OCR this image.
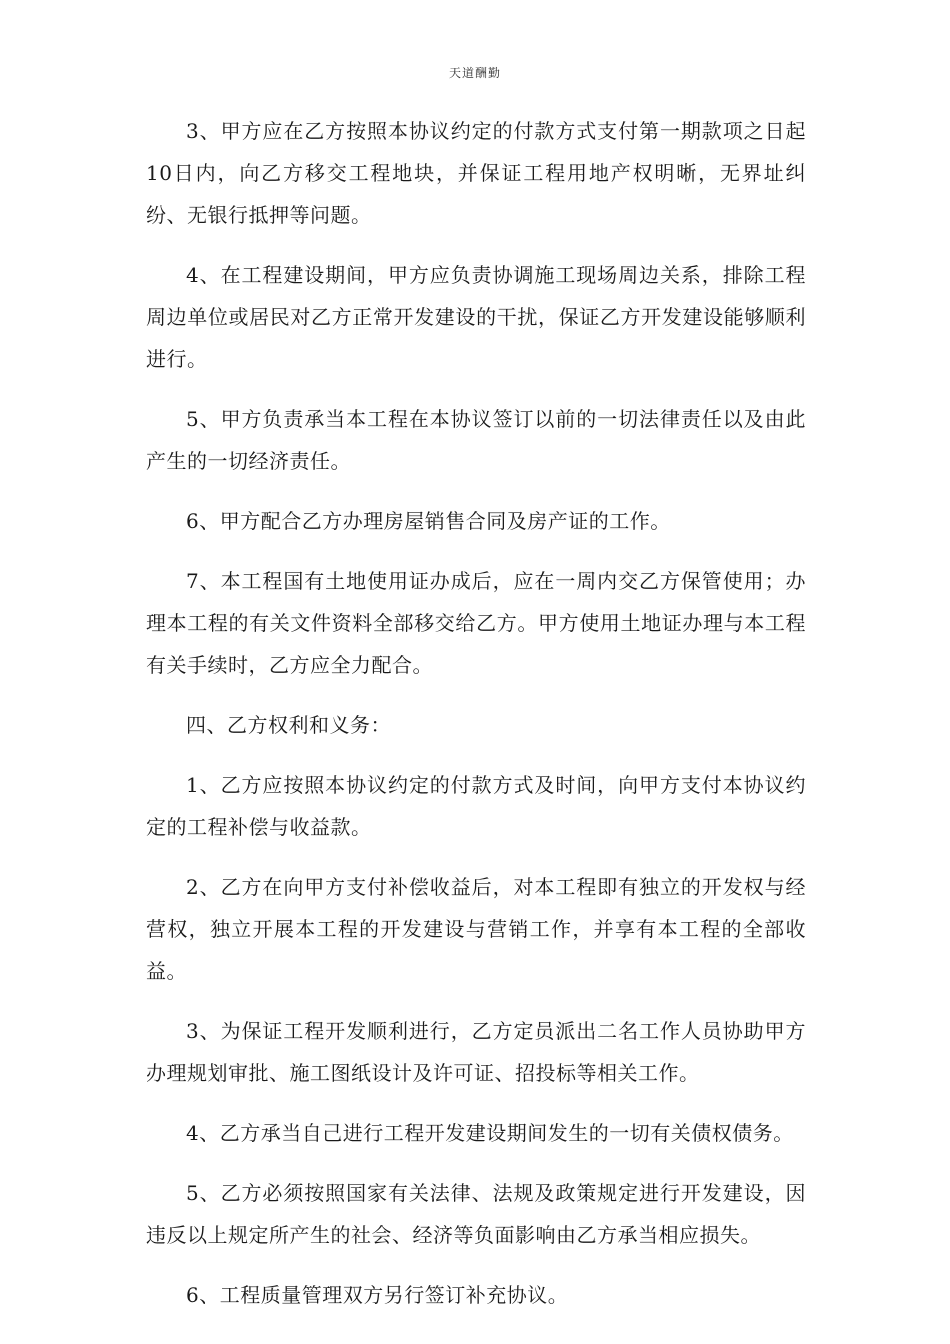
天道酬勤

3、甲方应在乙方按照本协议约定的付款方式支付第一期款项之日起10日内，向乙方移交工程地块，并保证工程用地产权明晰，无界址纠纷、无银行抵押等问题。

4、在工程建设期间，甲方应负责协调施工现场周边关系，排除工程周边单位或居民对乙方正常开发建设的干扰，保证乙方开发建设能够顺利进行。

5、甲方负责承当本工程在本协议签订以前的一切法律责任以及由此产生的一切经济责任。

6、甲方配合乙方办理房屋销售合同及房产证的工作。

7、本工程国有土地使用证办成后，应在一周内交乙方保管使用；办理本工程的有关文件资料全部移交给乙方。甲方使用土地证办理与本工程有关手续时，乙方应全力配合。

四、乙方权利和义务：

1、乙方应按照本协议约定的付款方式及时间，向甲方支付本协议约定的工程补偿与收益款。

2、乙方在向甲方支付补偿收益后，对本工程即有独立的开发权与经营权，独立开展本工程的开发建设与营销工作，并享有本工程的全部收益。

3、为保证工程开发顺利进行，乙方定员派出二名工作人员协助甲方办理规划审批、施工图纸设计及许可证、招投标等相关工作。

4、乙方承当自己进行工程开发建设期间发生的一切有关债权债务。

5、乙方必须按照国家有关法律、法规及政策规定进行开发建设，因违反以上规定所产生的社会、经济等负面影响由乙方承当相应损失。

6、工程质量管理双方另行签订补充协议。
